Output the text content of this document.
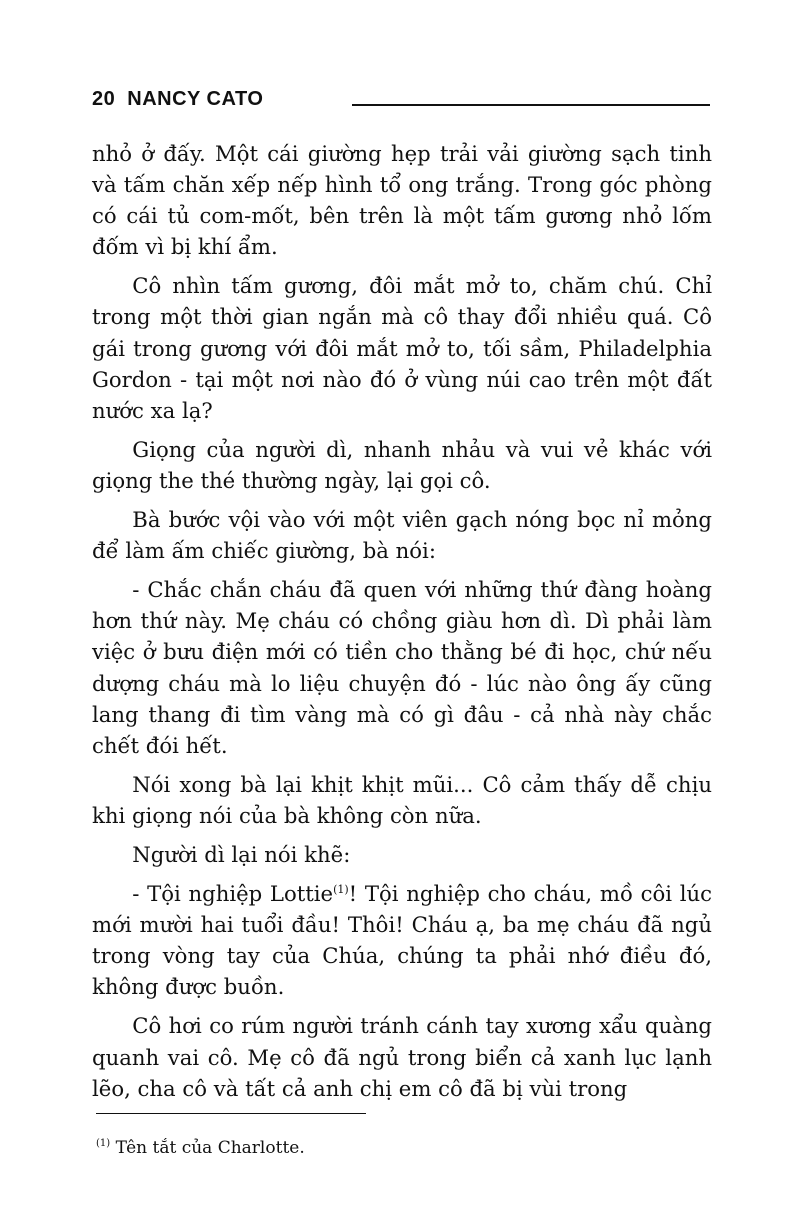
20 NANCY CATO

nhỏ ở đấy. Một cái giường hẹp trải vải giường sạch tinh và tấm chăn xếp nếp hình tổ ong trắng. Trong góc phòng có cái tủ com-mốt, bên trên là một tấm gương nhỏ lốm đốm vì bị khí ẩm.

Cô nhìn tấm gương, đôi mắt mở to, chăm chú. Chỉ trong một thời gian ngắn mà cô thay đổi nhiều quá. Cô gái trong gương với đôi mắt mở to, tối sầm, Philadelphia Gordon - tại một nơi nào đó ở vùng núi cao trên một đất nước xa lạ?

Giọng của người dì, nhanh nhảu và vui vẻ khác với giọng the thé thường ngày, lại gọi cô.

Bà bước vội vào với một viên gạch nóng bọc nỉ mỏng để làm ấm chiếc giường, bà nói:

- Chắc chắn cháu đã quen với những thứ đàng hoàng hơn thứ này. Mẹ cháu có chồng giàu hơn dì. Dì phải làm việc ở bưu điện mới có tiền cho thằng bé đi học, chứ nếu dượng cháu mà lo liệu chuyện đó - lúc nào ông ấy cũng lang thang đi tìm vàng mà có gì đâu - cả nhà này chắc chết đói hết.

Nói xong bà lại khịt khịt mũi... Cô cảm thấy dễ chịu khi giọng nói của bà không còn nữa.

Người dì lại nói khẽ:

- Tội nghiệp Lottie$^{(1)}$! Tội nghiệp cho cháu, mồ côi lúc mới mười hai tuổi đầu! Thôi! Cháu ạ, ba mẹ cháu đã ngủ trong vòng tay của Chúa, chúng ta phải nhớ điều đó, không được buồn.

Cô hơi co rúm người tránh cánh tay xương xẩu quàng quanh vai cô. Mẹ cô đã ngủ trong biển cả xanh lục lạnh lẽo, cha cô và tất cả anh chị em cô đã bị vùi trong

$^{(1)}$ Tên tắt của Charlotte.
